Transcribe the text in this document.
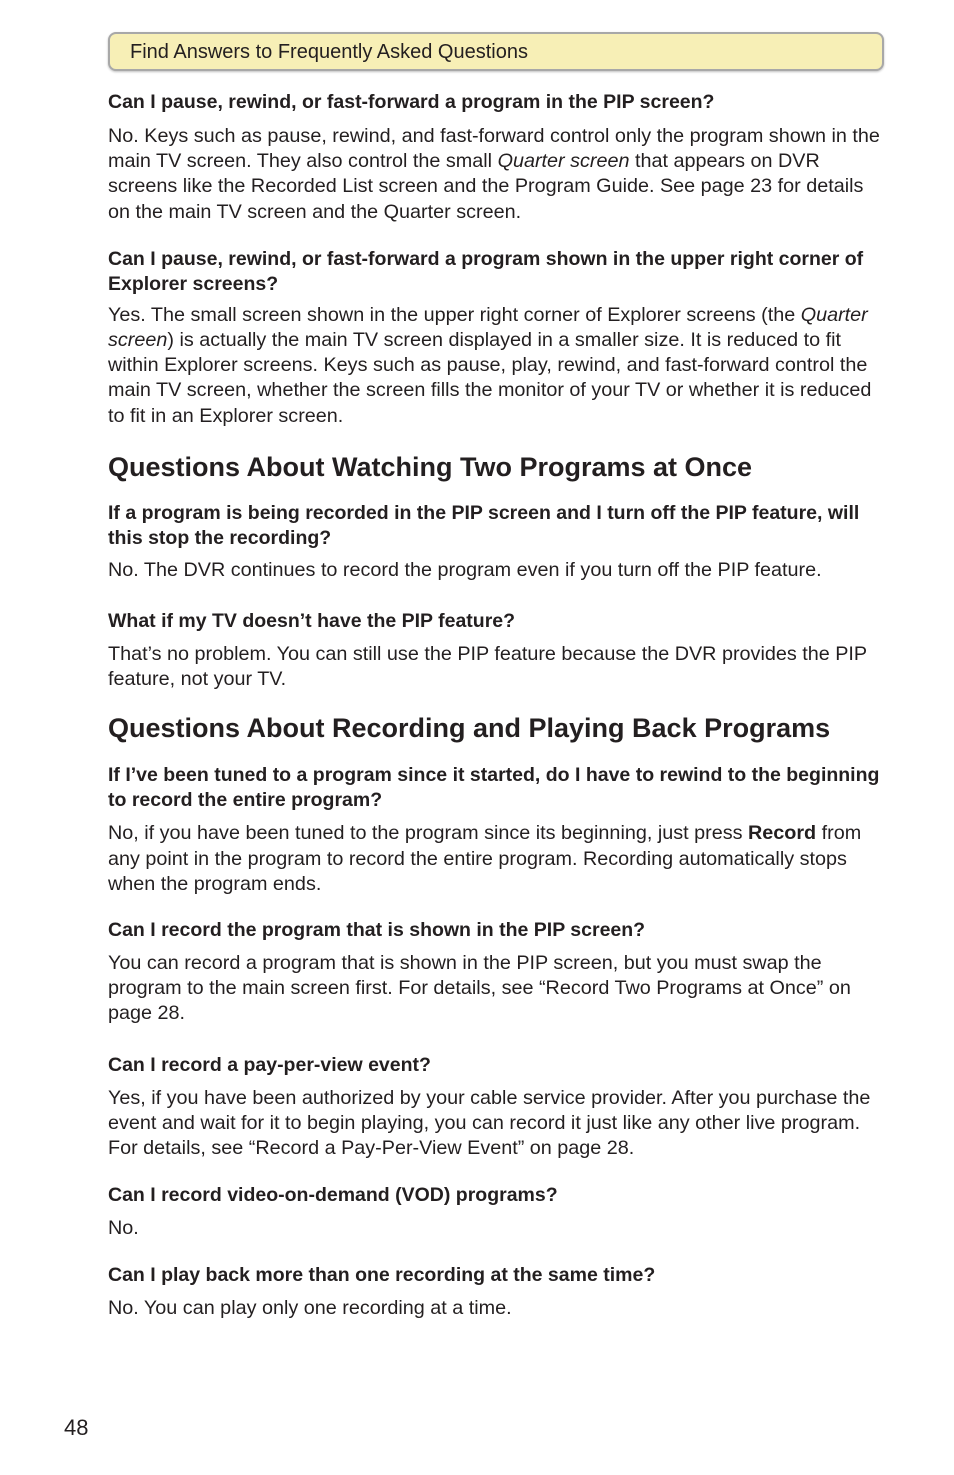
Find Answers to Frequently Asked Questions

Can I pause, rewind, or fast-forward a program in the PIP screen?

No. Keys such as pause, rewind, and fast-forward control only the program shown in the main TV screen. They also control the small Quarter screen that appears on DVR screens like the Recorded List screen and the Program Guide. See page 23 for details on the main TV screen and the Quarter screen.

Can I pause, rewind, or fast-forward a program shown in the upper right corner of Explorer screens?

Yes. The small screen shown in the upper right corner of Explorer screens (the Quarter screen) is actually the main TV screen displayed in a smaller size. It is reduced to fit within Explorer screens. Keys such as pause, play, rewind, and fast-forward control the main TV screen, whether the screen fills the monitor of your TV or whether it is reduced to fit in an Explorer screen.

Questions About Watching Two Programs at Once

If a program is being recorded in the PIP screen and I turn off the PIP feature, will this stop the recording?

No. The DVR continues to record the program even if you turn off the PIP feature.

What if my TV doesn’t have the PIP feature?

That’s no problem. You can still use the PIP feature because the DVR provides the PIP feature, not your TV.

Questions About Recording and Playing Back Programs

If I’ve been tuned to a program since it started, do I have to rewind to the beginning to record the entire program?

No, if you have been tuned to the program since its beginning, just press Record from any point in the program to record the entire program. Recording automatically stops when the program ends.

Can I record the program that is shown in the PIP screen?

You can record a program that is shown in the PIP screen, but you must swap the program to the main screen first. For details, see “Record Two Programs at Once” on page 28.

Can I record a pay-per-view event?

Yes, if you have been authorized by your cable service provider. After you purchase the event and wait for it to begin playing, you can record it just like any other live program. For details, see “Record a Pay-Per-View Event” on page 28.

Can I record video-on-demand (VOD) programs?

No.

Can I play back more than one recording at the same time?

No. You can play only one recording at a time.

48
